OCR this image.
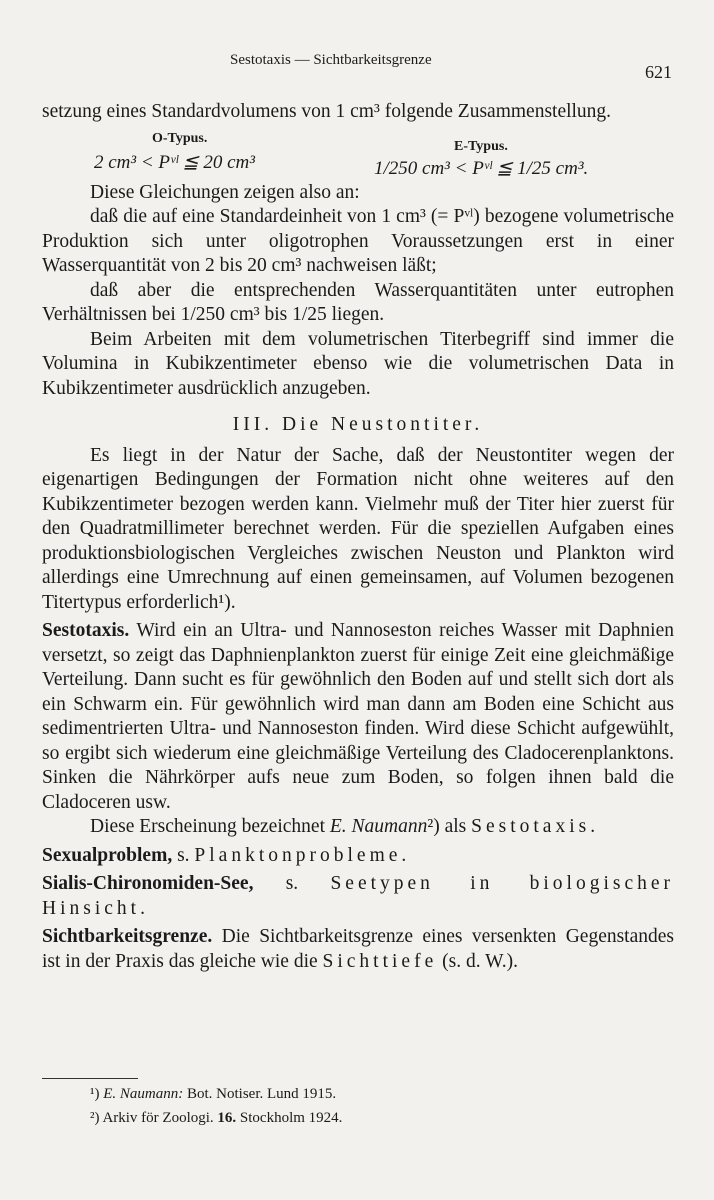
Sestotaxis — Sichtbarkeitsgrenze
621

setzung eines Standardvolumens von 1 cm³ folgende Zusammenstellung.

O-Typus.
2 cm³ < Pᵛˡ ≦ 20 cm³
E-Typus.
1/250 cm³ < Pᵛˡ ≦ 1/25 cm³.

Diese Gleichungen zeigen also an:

daß die auf eine Standardeinheit von 1 cm³ (= Pᵛˡ) bezogene volumetrische Produktion sich unter oligotrophen Voraussetzungen erst in einer Wasserquantität von 2 bis 20 cm³ nachweisen läßt;

daß aber die entsprechenden Wasserquantitäten unter eutrophen Verhältnissen bei 1/250 cm³ bis 1/25 liegen.

Beim Arbeiten mit dem volumetrischen Titerbegriff sind immer die Volumina in Kubikzentimeter ebenso wie die volumetrischen Data in Kubikzentimeter ausdrücklich anzugeben.

III. Die Neustontiter.

Es liegt in der Natur der Sache, daß der Neustontiter wegen der eigenartigen Bedingungen der Formation nicht ohne weiteres auf den Kubikzentimeter bezogen werden kann. Vielmehr muß der Titer hier zuerst für den Quadratmillimeter berechnet werden. Für die speziellen Aufgaben eines produktionsbiologischen Vergleiches zwischen Neuston und Plankton wird allerdings eine Umrechnung auf einen gemeinsamen, auf Volumen bezogenen Titertypus erforderlich¹).

Sestotaxis. Wird ein an Ultra- und Nannoseston reiches Wasser mit Daphnien versetzt, so zeigt das Daphnienplankton zuerst für einige Zeit eine gleichmäßige Verteilung. Dann sucht es für gewöhnlich den Boden auf und stellt sich dort als ein Schwarm ein. Für gewöhnlich wird man dann am Boden eine Schicht aus sedimentrierten Ultra- und Nannoseston finden. Wird diese Schicht aufgewühlt, so ergibt sich wiederum eine gleichmäßige Verteilung des Cladocerenplanktons. Sinken die Nährkörper aufs neue zum Boden, so folgen ihnen bald die Cladoceren usw.

Diese Erscheinung bezeichnet E. Naumann²) als Sestotaxis.

Sexualproblem, s. Planktonprobleme.

Sialis-Chironomiden-See, s. Seetypen in biologischer Hinsicht.

Sichtbarkeitsgrenze. Die Sichtbarkeitsgrenze eines versenkten Gegenstandes ist in der Praxis das gleiche wie die Sichttiefe (s. d. W.).

¹) E. Naumann: Bot. Notiser. Lund 1915.
²) Arkiv för Zoologi. 16. Stockholm 1924.
